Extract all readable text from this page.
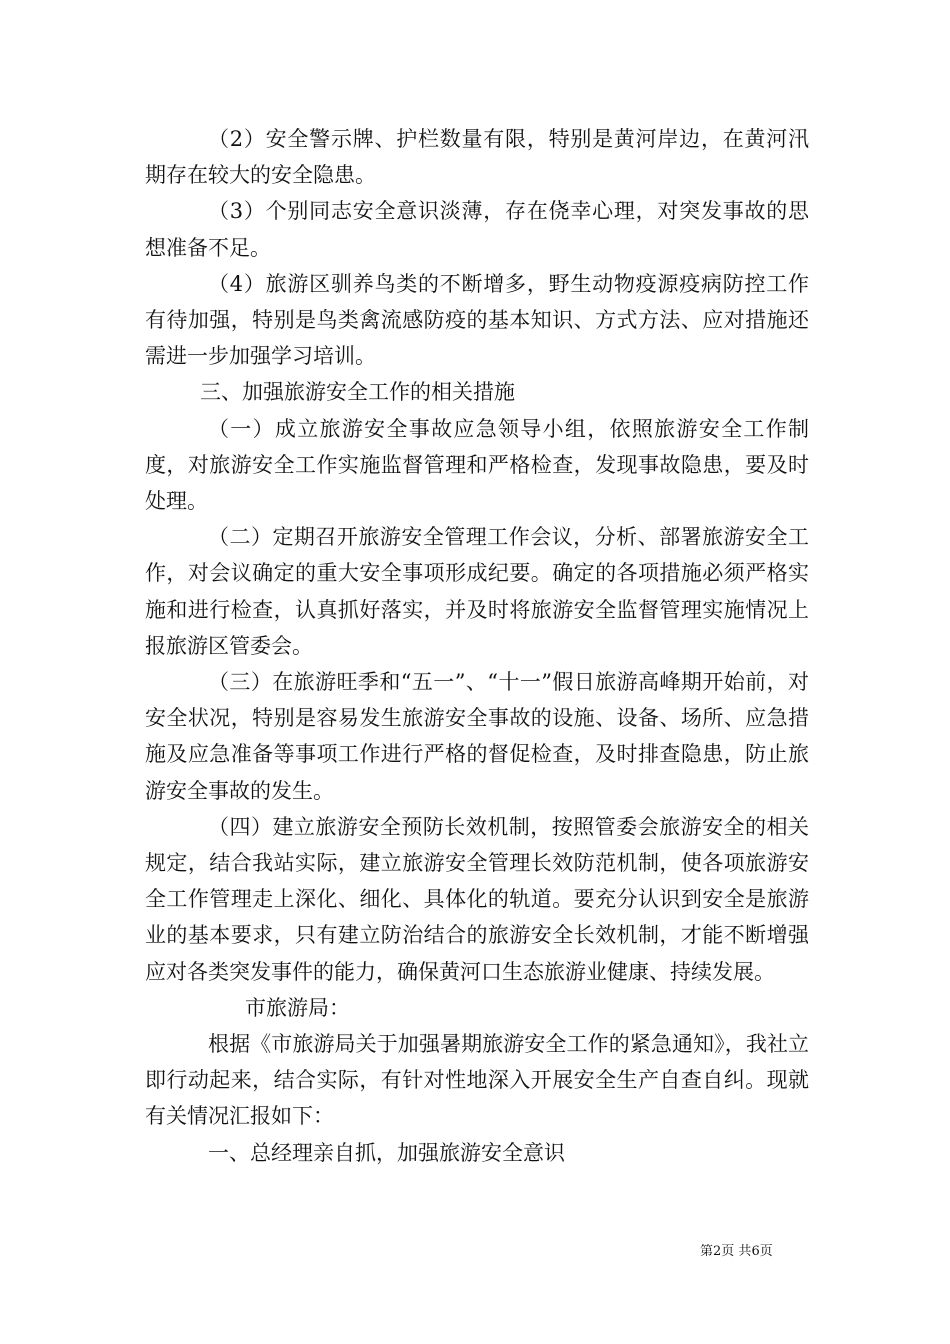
（2）安全警示牌、护栏数量有限，特别是黄河岸边，在黄河汛期存在较大的安全隐患。

（3）个别同志安全意识淡薄，存在侥幸心理，对突发事故的思想准备不足。

（4）旅游区驯养鸟类的不断增多，野生动物疫源疫病防控工作有待加强，特别是鸟类禽流感防疫的基本知识、方式方法、应对措施还需进一步加强学习培训。

三、加强旅游安全工作的相关措施

（一）成立旅游安全事故应急领导小组，依照旅游安全工作制度，对旅游安全工作实施监督管理和严格检查，发现事故隐患，要及时处理。

（二）定期召开旅游安全管理工作会议，分析、部署旅游安全工作，对会议确定的重大安全事项形成纪要。确定的各项措施必须严格实施和进行检查，认真抓好落实，并及时将旅游安全监督管理实施情况上报旅游区管委会。

（三）在旅游旺季和“五一”、“十一”假日旅游高峰期开始前，对安全状况，特别是容易发生旅游安全事故的设施、设备、场所、应急措施及应急准备等事项工作进行严格的督促检查，及时排查隐患，防止旅游安全事故的发生。

（四）建立旅游安全预防长效机制，按照管委会旅游安全的相关规定，结合我站实际，建立旅游安全管理长效防范机制，使各项旅游安全工作管理走上深化、细化、具体化的轨道。要充分认识到安全是旅游业的基本要求，只有建立防治结合的旅游安全长效机制，才能不断增强应对各类突发事件的能力，确保黄河口生态旅游业健康、持续发展。

市旅游局：

根据《市旅游局关于加强暑期旅游安全工作的紧急通知》，我社立即行动起来，结合实际，有针对性地深入开展安全生产自查自纠。现就有关情况汇报如下：

一、总经理亲自抓，加强旅游安全意识

第2页 共6页
